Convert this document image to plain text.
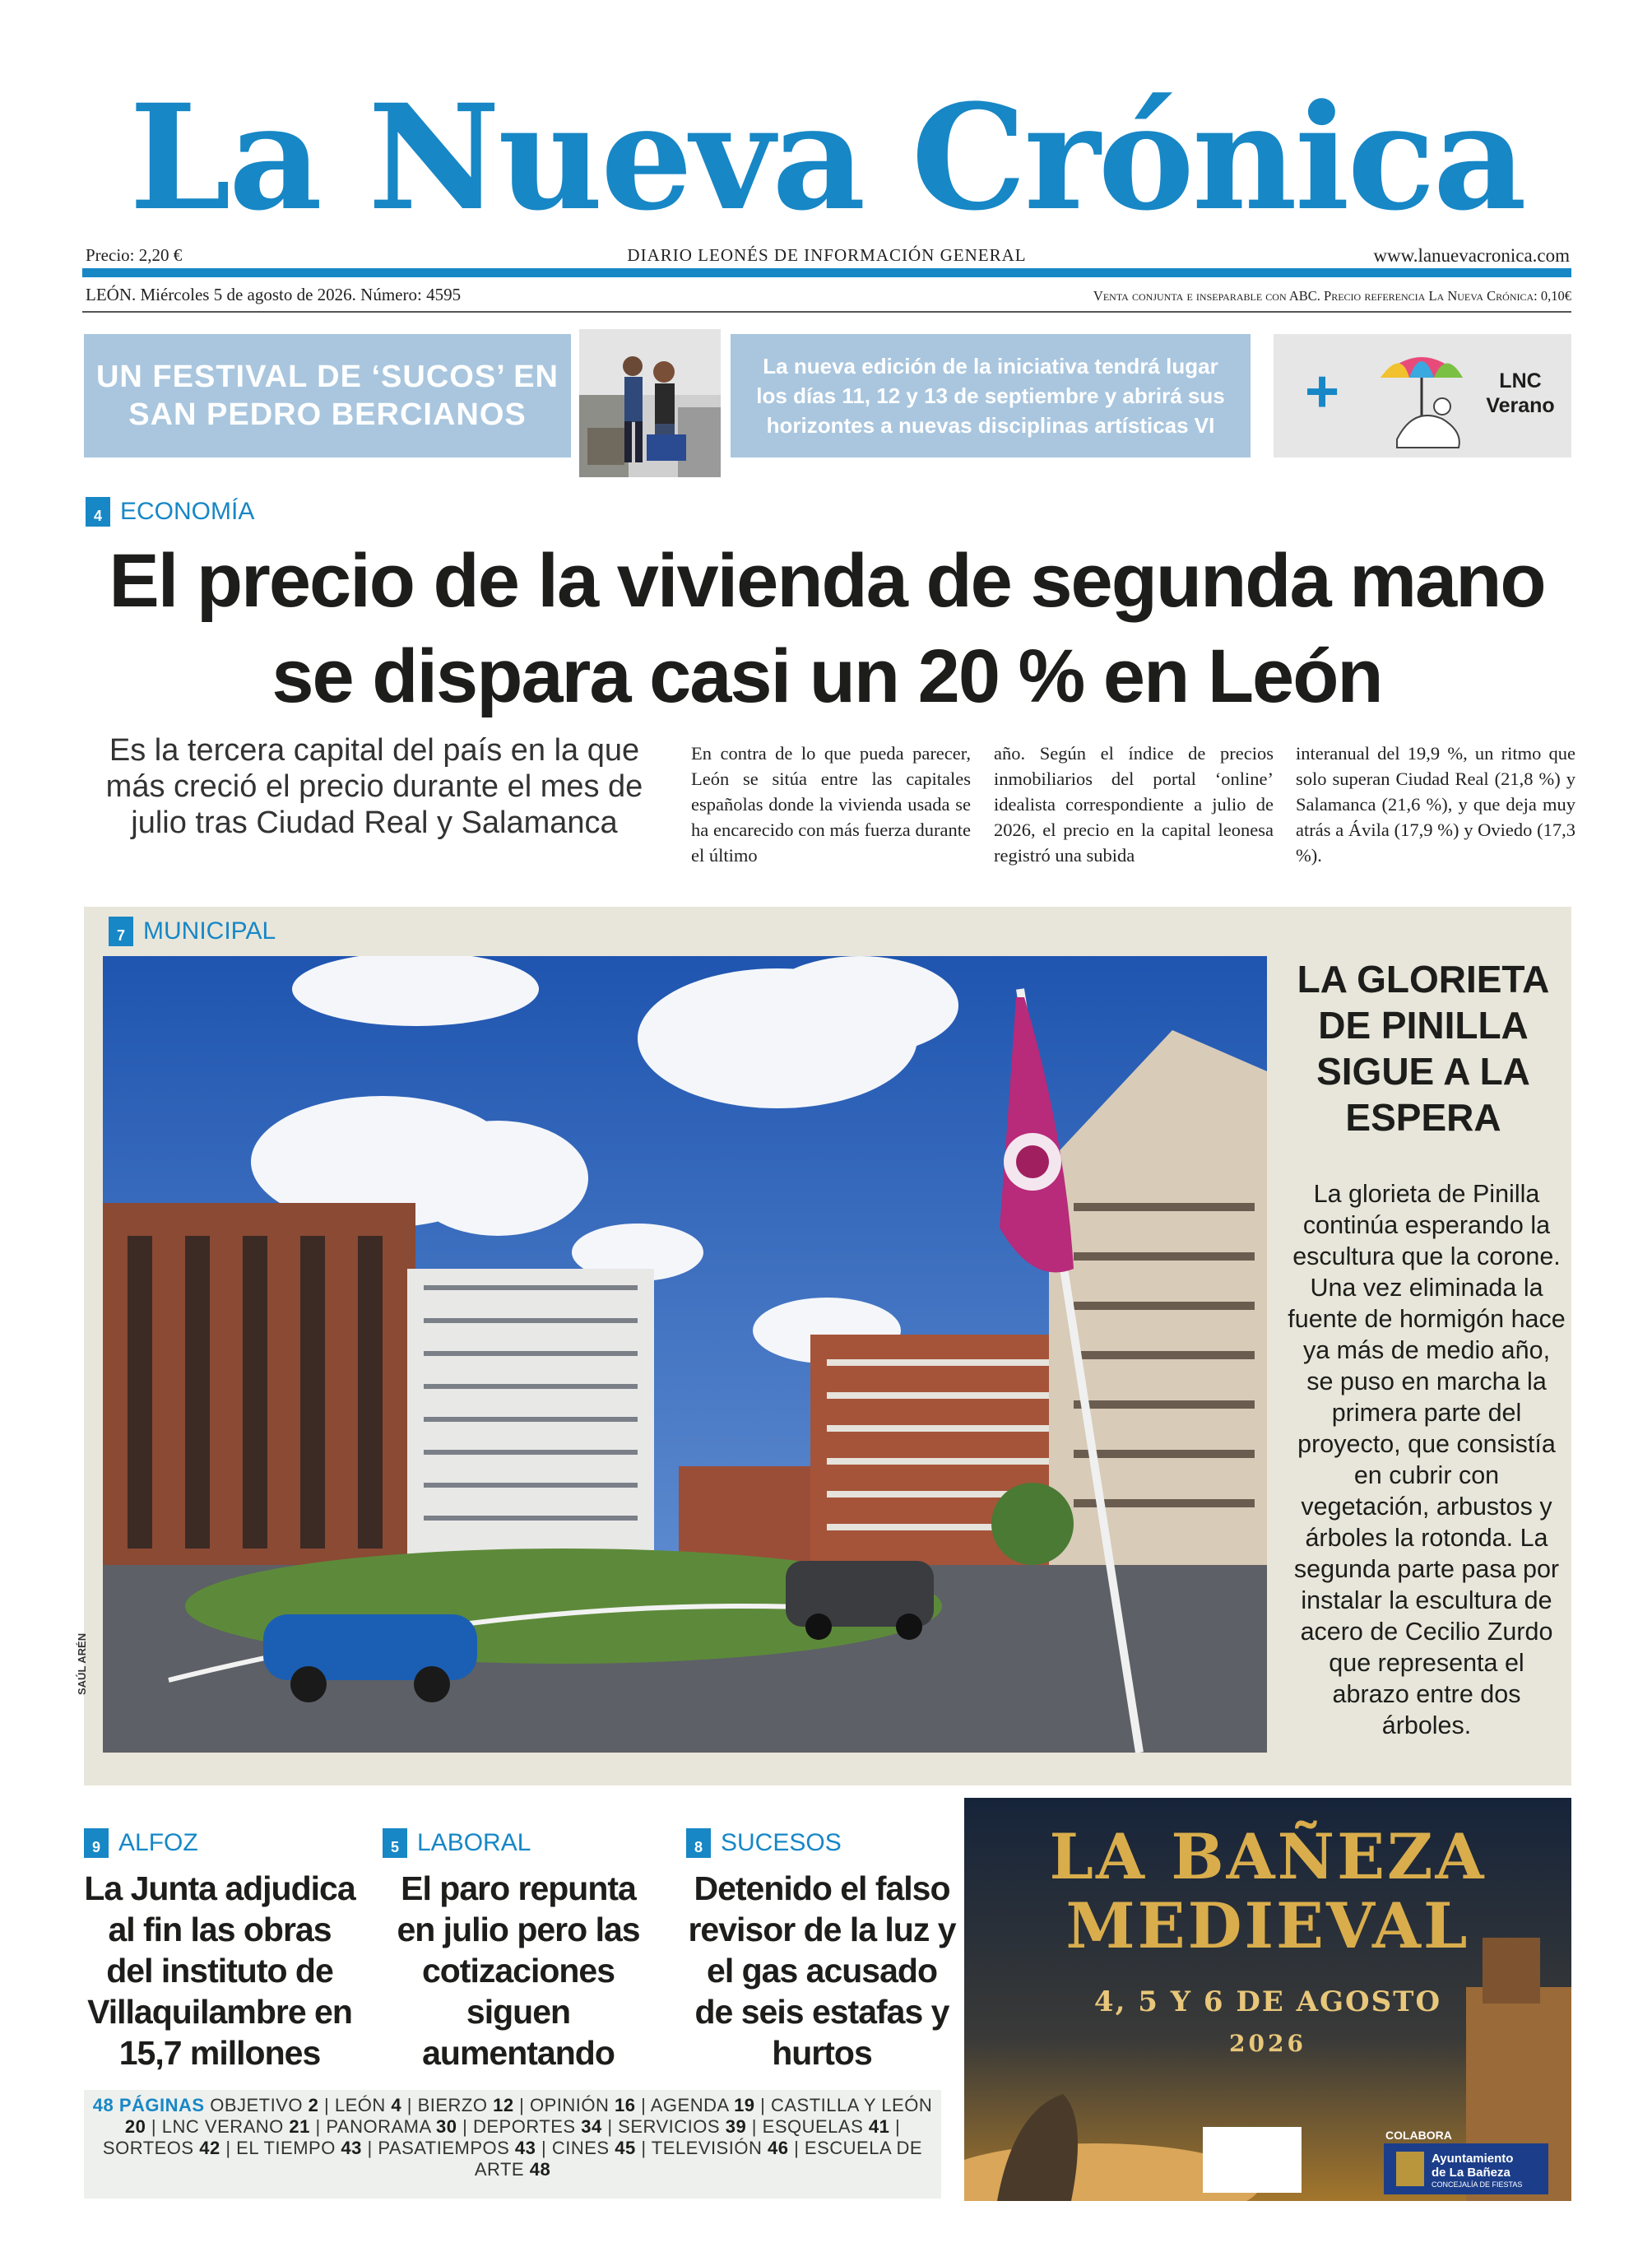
La Nueva Crónica
Precio: 2,20 €	DIARIO LEONÉS DE INFORMACIÓN GENERAL	www.lanuevacronica.com
LEÓN. Miércoles 5 de agosto de 2026. Número: 4595	Venta conjunta e inseparable con ABC. Precio referencia La Nueva Crónica: 0,10€
UN FESTIVAL DE ‘SUCOS’ EN SAN PEDRO BERCIANOS
La nueva edición de la iniciativa tendrá lugar los días 11, 12 y 13 de septiembre y abrirá sus horizontes a nuevas disciplinas artísticas VI
+	LNC
Verano
4 ECONOMÍA
El precio de la vivienda de segunda mano se dispara casi un 20 % en León
Es la tercera capital del país en la que más creció el precio durante el mes de julio tras Ciudad Real y Salamanca
En contra de lo que pueda parecer, León se sitúa entre las capitales españolas donde la vivienda usada se ha encarecido con más fuerza durante el último
año. Según el índice de precios inmobiliarios del portal ‘online’ idealista correspondiente a julio de 2026, el precio en la capital leonesa registró una subida
interanual del 19,9 %, un ritmo que solo superan Ciudad Real (21,8 %) y Salamanca (21,6 %), y que deja muy atrás a Ávila (17,9 %) y Oviedo (17,3 %).
7 MUNICIPAL
SAÚL ARÉN
LA GLORIETA DE PINILLA SIGUE A LA ESPERA
La glorieta de Pinilla continúa esperando la escultura que la corone. Una vez eliminada la fuente de hormigón hace ya más de medio año, se puso en marcha la primera parte del proyecto, que consistía en cubrir con vegetación, arbustos y árboles la rotonda. La segunda parte pasa por instalar la escultura de acero de Cecilio Zurdo que representa el abrazo entre dos árboles.
9 ALFOZ
La Junta adjudica al fin las obras del instituto de Villaquilambre en 15,7 millones
5 LABORAL
El paro repunta en julio pero las cotizaciones siguen aumentando
8 SUCESOS
Detenido el falso revisor de la luz y el gas acusado de seis estafas y hurtos
48 PÁGINAS OBJETIVO 2 | LEÓN 4 | BIERZO 12 | OPINIÓN 16 | AGENDA 19 | CASTILLA Y LEÓN 20 | LNC VERANO 21 | PANORAMA 30 | DEPORTES 34 | SERVICIOS 39 | ESQUELAS 41 | SORTEOS 42 | EL TIEMPO 43 | PASATIEMPOS 43 | CINES 45 | TELEVISIÓN 46 | ESCUELA DE ARTE 48
LA BAÑEZA
MEDIEVAL
4, 5 Y 6 DE AGOSTO
2026
ORGANIZA	COLABORA
Ayuntamiento
de La Bañeza
CONCEJALÍA DE FIESTAS
